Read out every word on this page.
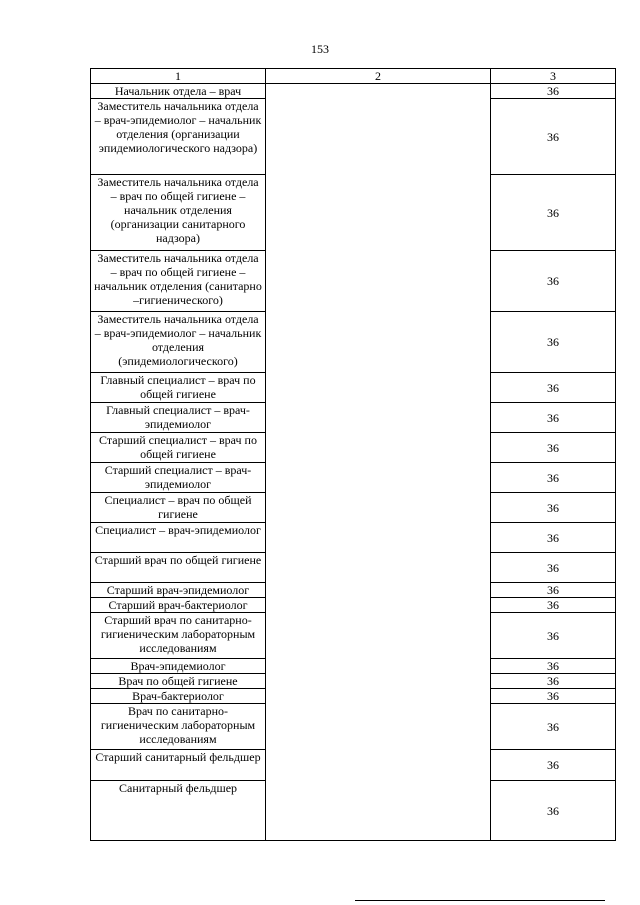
153
1	2	3
Начальник отдела – врач		36
Заместитель начальника отдела – врач-эпидемиолог – начальник отделения (организации эпидемиологического надзора)		36
Заместитель начальника отдела – врач по общей гигиене – начальник отделения (организации санитарного надзора)		36
Заместитель начальника отдела – врач по общей гигиене – начальник отделения (санитарно –гигиенического)		36
Заместитель начальника отдела – врач-эпидемиолог – начальник отделения (эпидемиологического)		36
Главный специалист – врач по общей гигиене		36
Главный специалист – врач-эпидемиолог		36
Старший специалист – врач по общей гигиене		36
Старший специалист – врач-эпидемиолог		36
Специалист – врач по общей гигиене		36
Специалист – врач-эпидемиолог		36
Старший врач по общей гигиене		36
Старший врач-эпидемиолог		36
Старший врач-бактериолог		36
Старший врач по санитарно-гигиеническим лабораторным исследованиям		36
Врач-эпидемиолог		36
Врач по общей гигиене		36
Врач-бактериолог		36
Врач по санитарно-гигиеническим лабораторным исследованиям		36
Старший санитарный фельдшер		36
Санитарный фельдшер		36
